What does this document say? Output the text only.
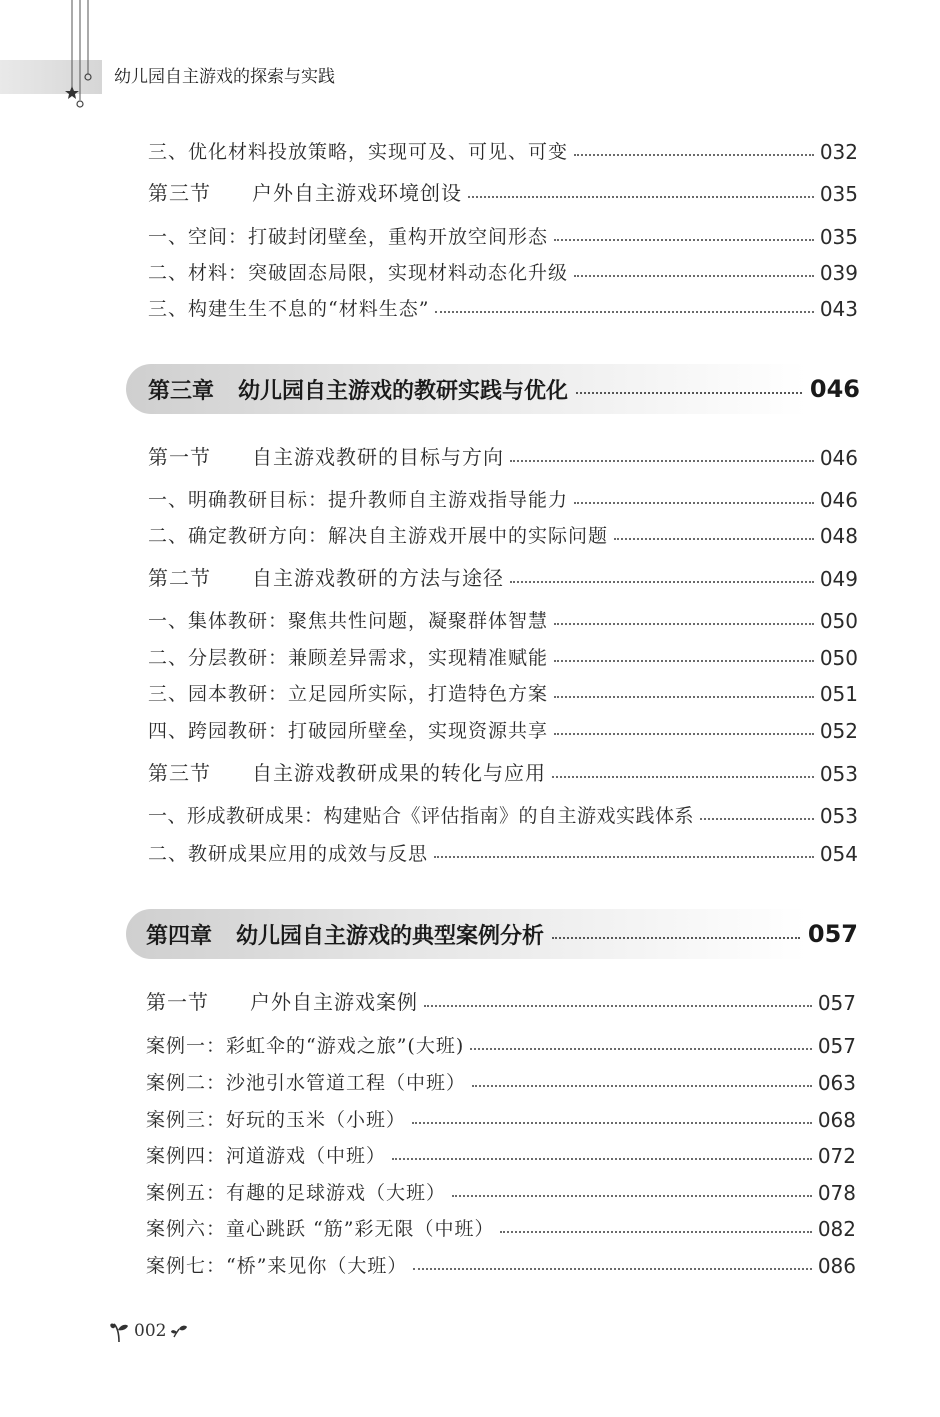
幼儿园自主游戏的探索与实践
三、优化材料投放策略，实现可及、可见、可变	032
第三节	户外自主游戏环境创设	035
一、空间：打破封闭壁垒，重构开放空间形态	035
二、材料：突破固态局限，实现材料动态化升级	039
三、构建生生不息的“材料生态”	043
第三章 幼儿园自主游戏的教研实践与优化	046
第一节	自主游戏教研的目标与方向	046
一、明确教研目标：提升教师自主游戏指导能力	046
二、确定教研方向：解决自主游戏开展中的实际问题	048
第二节	自主游戏教研的方法与途径	049
一、集体教研：聚焦共性问题，凝聚群体智慧	050
二、分层教研：兼顾差异需求，实现精准赋能	050
三、园本教研：立足园所实际，打造特色方案	051
四、跨园教研：打破园所壁垒，实现资源共享	052
第三节	自主游戏教研成果的转化与应用	053
一、形成教研成果：构建贴合《评估指南》的自主游戏实践体系	053
二、教研成果应用的成效与反思	054
第四章 幼儿园自主游戏的典型案例分析	057
第一节	户外自主游戏案例	057
案例一：彩虹伞的“游戏之旅”(大班)	057
案例二：沙池引水管道工程（中班）	063
案例三：好玩的玉米（小班）	068
案例四：河道游戏（中班）	072
案例五：有趣的足球游戏（大班）	078
案例六：童心跳跃 “筋”彩无限（中班）	082
案例七：“桥”来见你（大班）	086
002
